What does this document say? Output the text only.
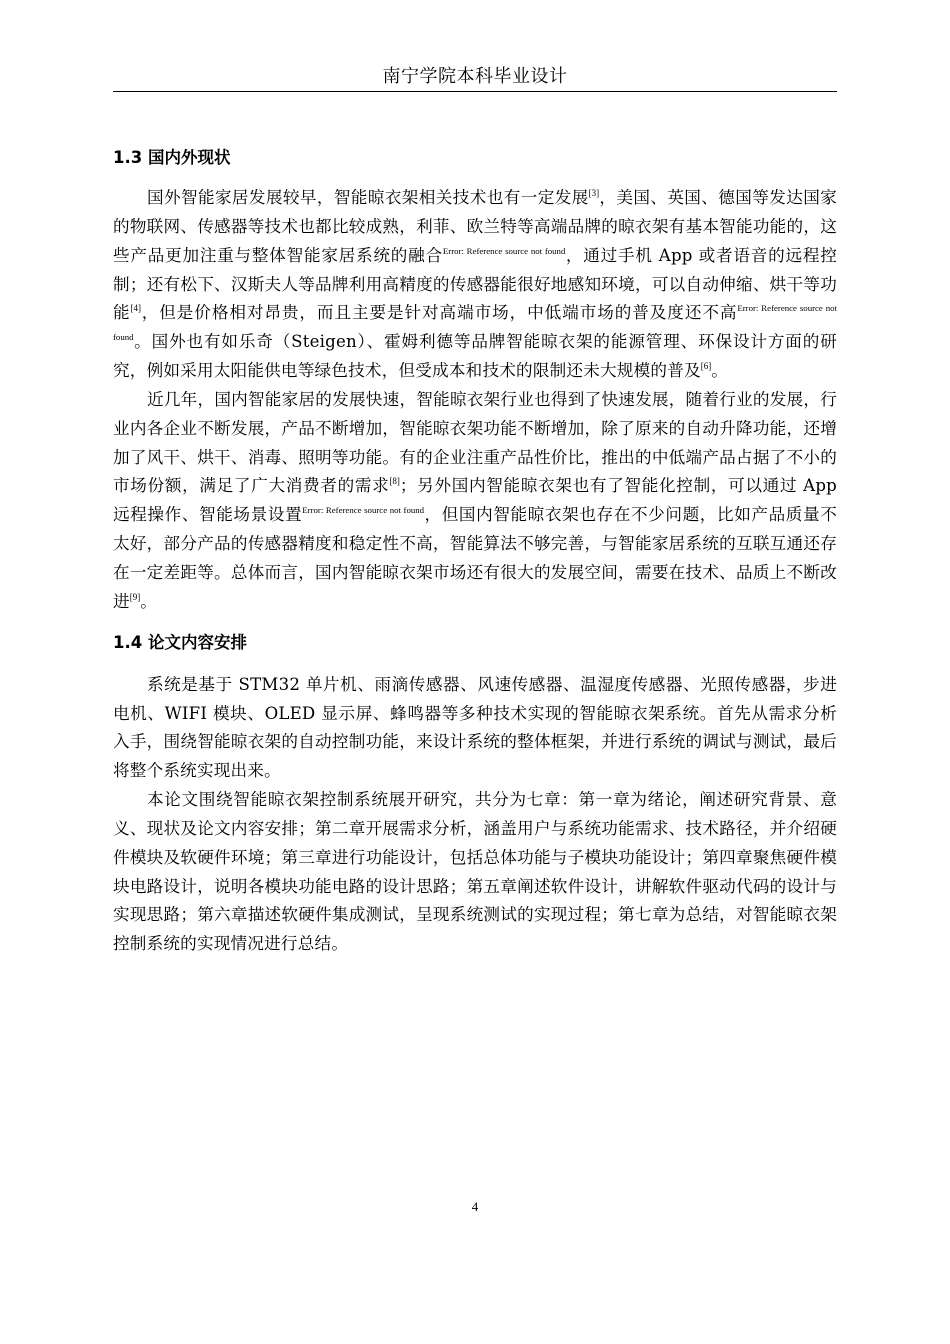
南宁学院本科毕业设计
1.3 国内外现状

国外智能家居发展较早，智能晾衣架相关技术也有一定发展[3]，美国、英国、德国等发达国家的物联网、传感器等技术也都比较成熟，利菲、欧兰特等高端品牌的晾衣架有基本智能功能的，这些产品更加注重与整体智能家居系统的融合$^{Error: Reference source not found}$，通过手机 App 或者语音的远程控制；还有松下、汉斯夫人等品牌利用高精度的传感器能很好地感知环境，可以自动伸缩、烘干等功能[4]，但是价格相对昂贵，而且主要是针对高端市场，中低端市场的普及度还不高$^{Error: Reference source not found}$。国外也有如乐奇（Steigen）、霍姆利德等品牌智能晾衣架的能源管理、环保设计方面的研究，例如采用太阳能供电等绿色技术，但受成本和技术的限制还未大规模的普及[6]。

近几年，国内智能家居的发展快速，智能晾衣架行业也得到了快速发展，随着行业的发展，行业内各企业不断发展，产品不断增加，智能晾衣架功能不断增加，除了原来的自动升降功能，还增加了风干、烘干、消毒、照明等功能。有的企业注重产品性价比，推出的中低端产品占据了不小的市场份额，满足了广大消费者的需求[8]；另外国内智能晾衣架也有了智能化控制，可以通过 App 远程操作、智能场景设置$^{Error: Reference source not found}$，但国内智能晾衣架也存在不少问题，比如产品质量不太好，部分产品的传感器精度和稳定性不高，智能算法不够完善，与智能家居系统的互联互通还存在一定差距等。总体而言，国内智能晾衣架市场还有很大的发展空间，需要在技术、品质上不断改进[9]。

1.4 论文内容安排

系统是基于 STM32 单片机、雨滴传感器、风速传感器、温湿度传感器、光照传感器，步进电机、WIFI 模块、OLED 显示屏、蜂鸣器等多种技术实现的智能晾衣架系统。首先从需求分析入手，围绕智能晾衣架的自动控制功能，来设计系统的整体框架，并进行系统的调试与测试，最后将整个系统实现出来。

本论文围绕智能晾衣架控制系统展开研究，共分为七章：第一章为绪论，阐述研究背景、意义、现状及论文内容安排；第二章开展需求分析，涵盖用户与系统功能需求、技术路径，并介绍硬件模块及软硬件环境；第三章进行功能设计，包括总体功能与子模块功能设计；第四章聚焦硬件模块电路设计，说明各模块功能电路的设计思路；第五章阐述软件设计，讲解软件驱动代码的设计与实现思路；第六章描述软硬件集成测试，呈现系统测试的实现过程；第七章为总结，对智能晾衣架控制系统的实现情况进行总结。

4
